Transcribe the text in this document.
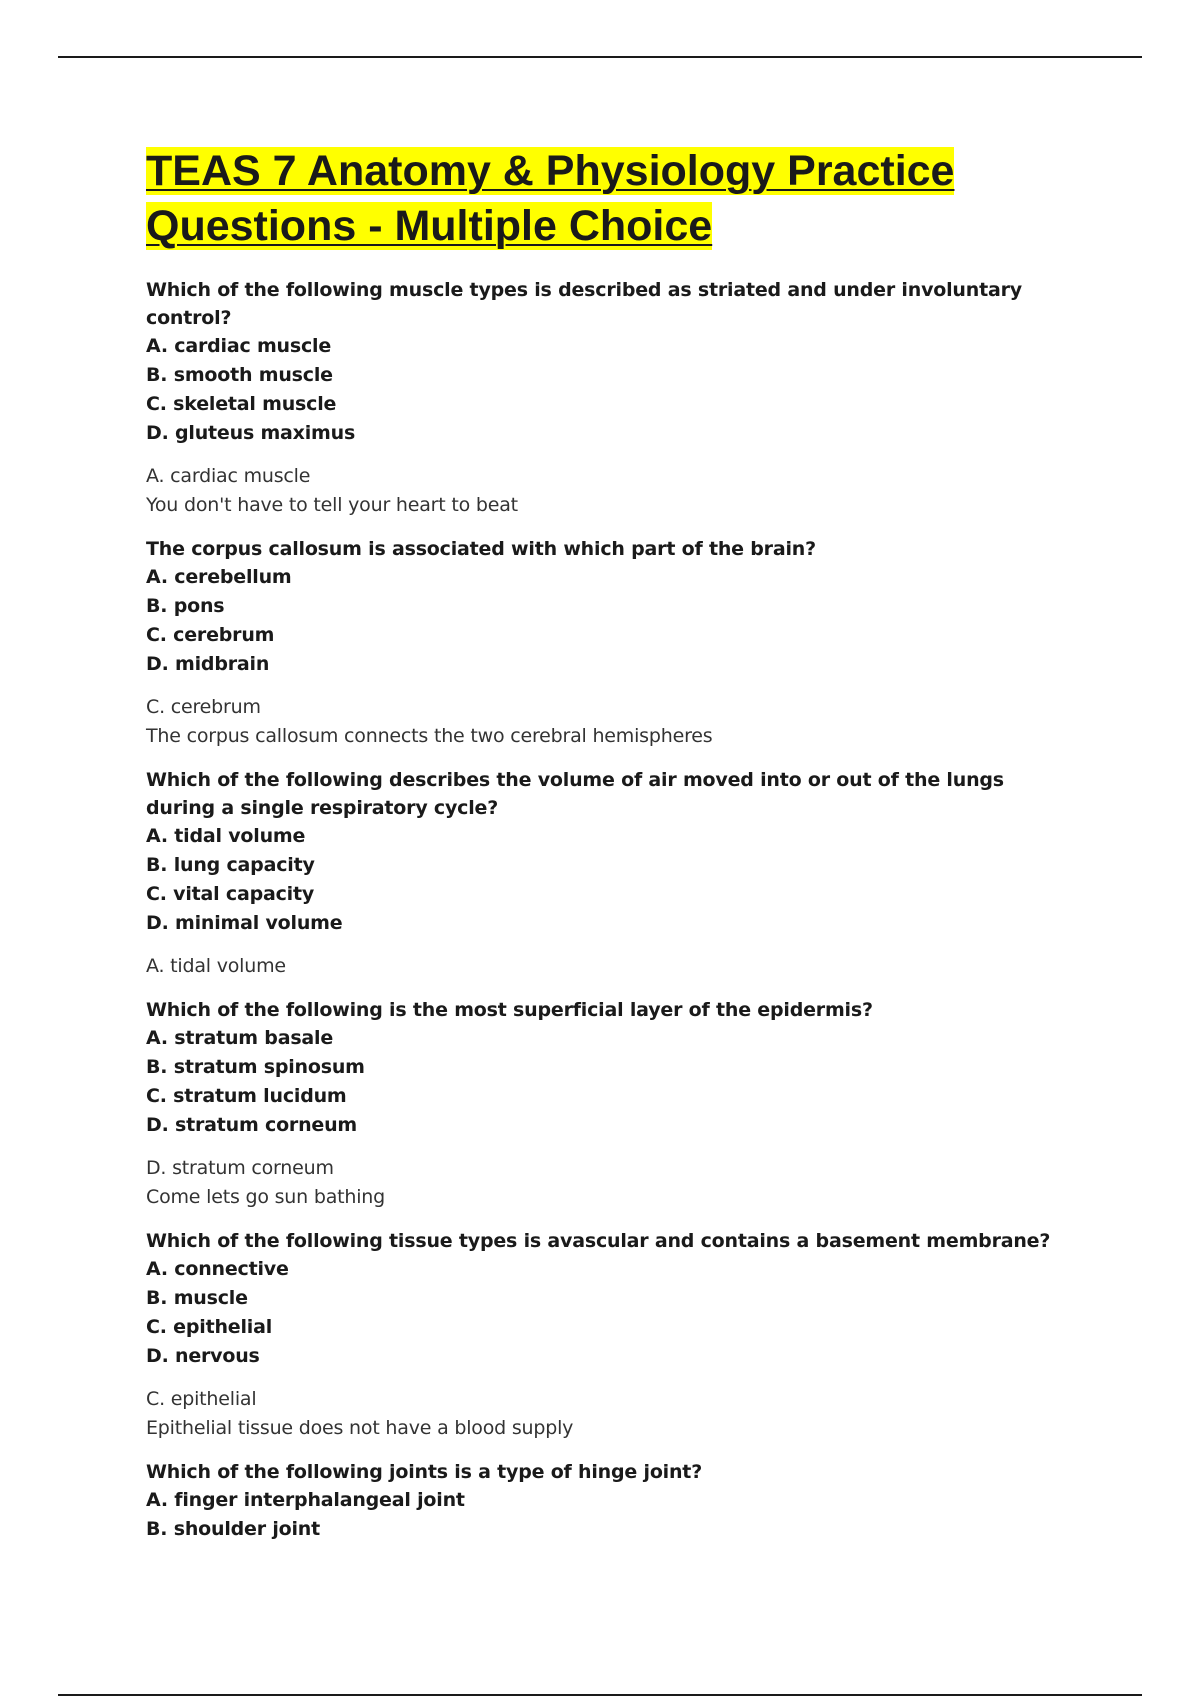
TEAS 7 Anatomy & Physiology Practice Questions - Multiple Choice

Which of the following muscle types is described as striated and under involuntary control?

A. cardiac muscle
B. smooth muscle
C. skeletal muscle
D. gluteus maximus
A. cardiac muscle
You don't have to tell your heart to beat

The corpus callosum is associated with which part of the brain?

A. cerebellum
B. pons
C. cerebrum
D. midbrain
C. cerebrum
The corpus callosum connects the two cerebral hemispheres

Which of the following describes the volume of air moved into or out of the lungs during a single respiratory cycle?

A. tidal volume
B. lung capacity
C. vital capacity
D. minimal volume
A. tidal volume

Which of the following is the most superficial layer of the epidermis?

A. stratum basale
B. stratum spinosum
C. stratum lucidum
D. stratum corneum
D. stratum corneum
Come lets go sun bathing

Which of the following tissue types is avascular and contains a basement membrane?

A. connective
B. muscle
C. epithelial
D. nervous
C. epithelial
Epithelial tissue does not have a blood supply

Which of the following joints is a type of hinge joint?

A. finger interphalangeal joint
B. shoulder joint
